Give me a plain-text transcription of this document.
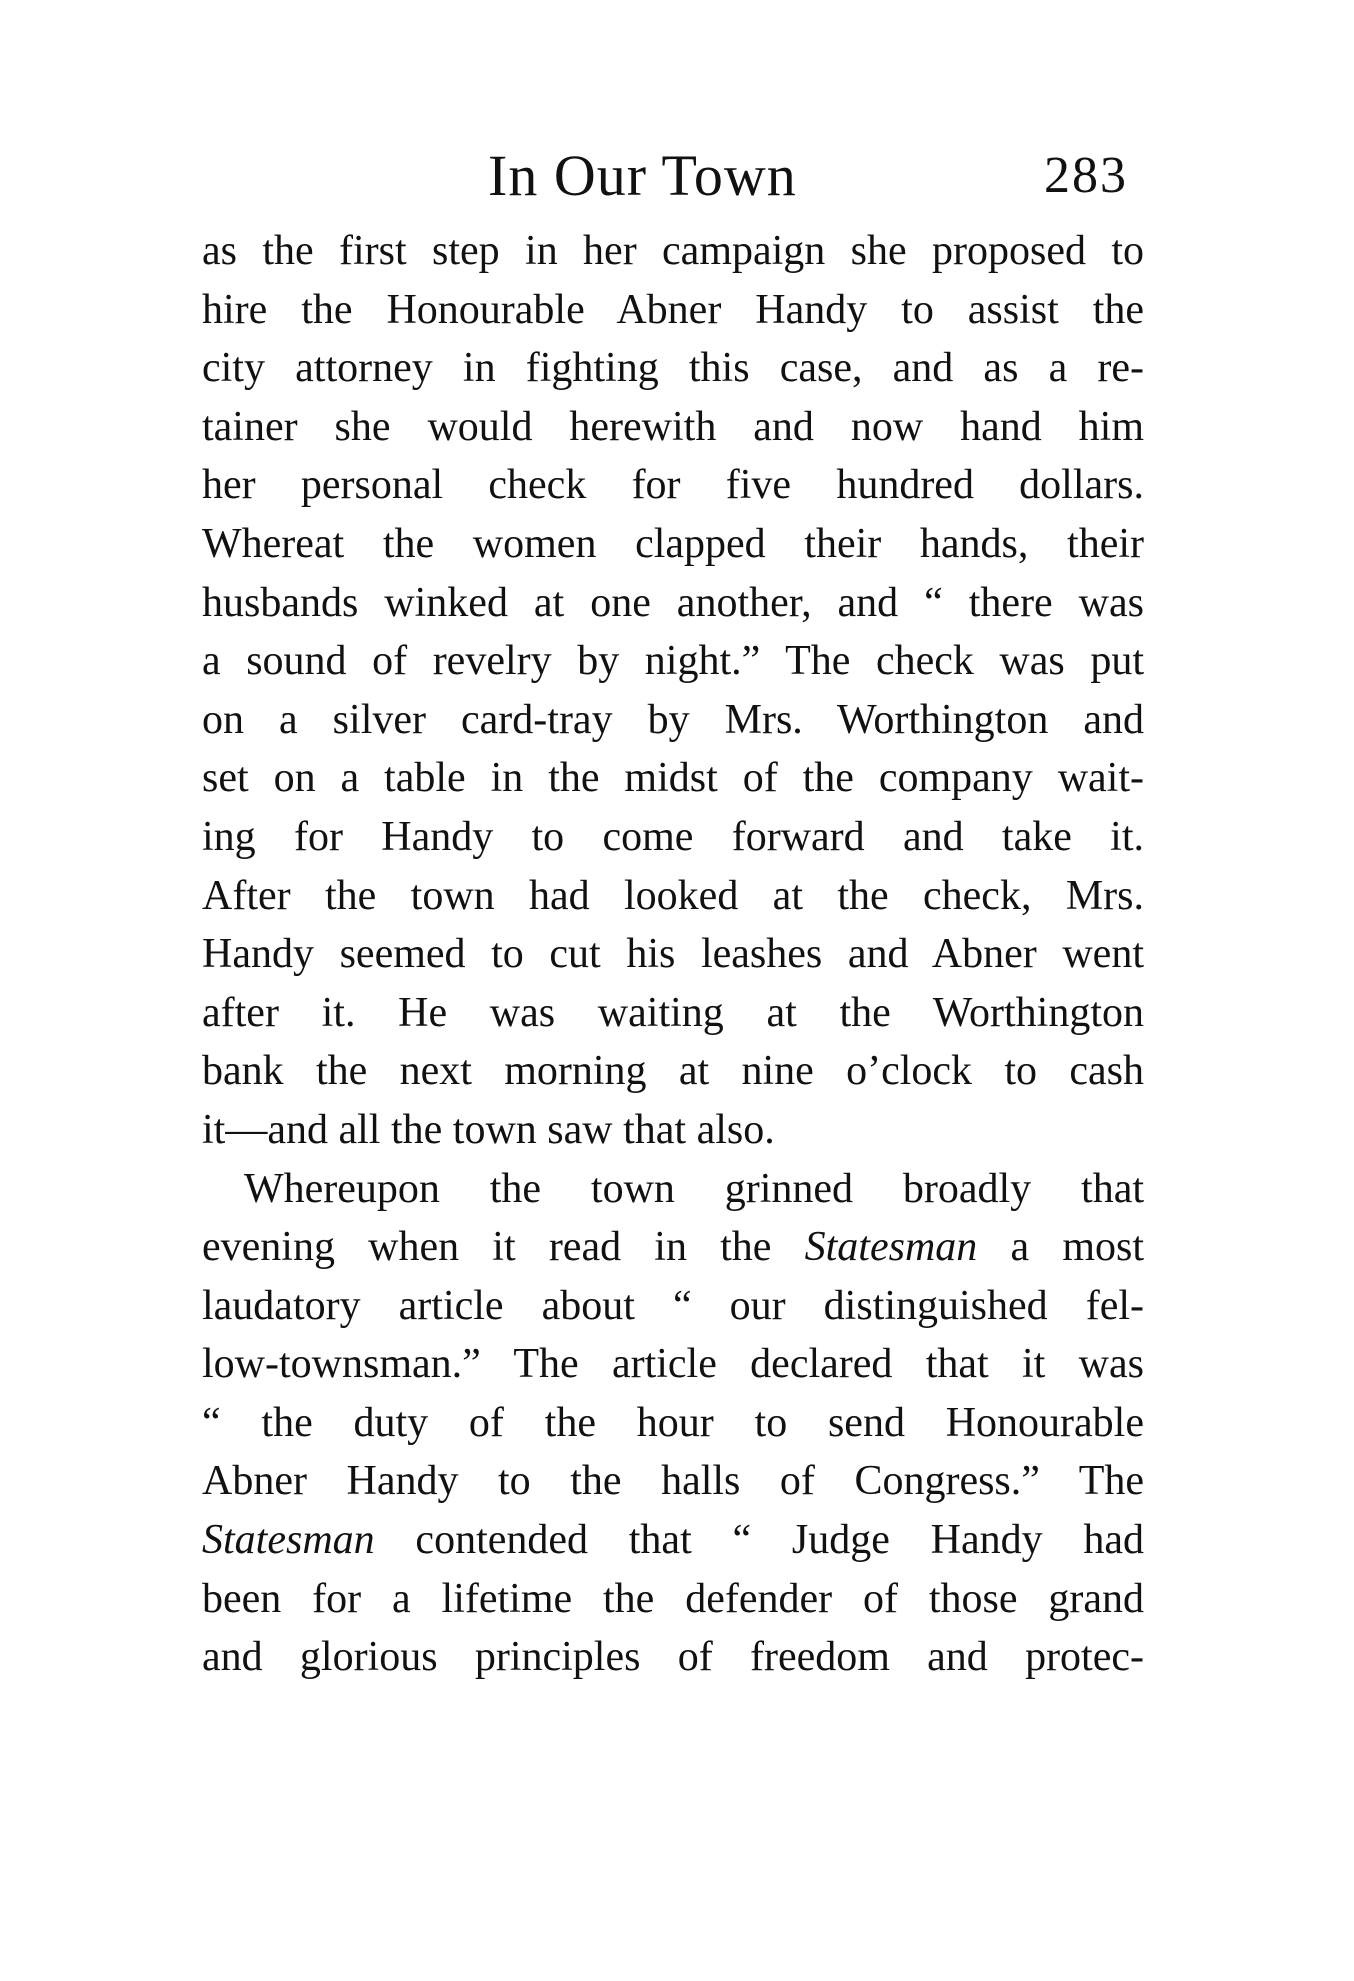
In Our Town	283
as the first step in her campaign she proposed to
hire the Honourable Abner Handy to assist the
city attorney in fighting this case, and as a re-
tainer she would herewith and now hand him
her personal check for five hundred dollars.
Whereat the women clapped their hands, their
husbands winked at one another, and “ there was
a sound of revelry by night.” The check was put
on a silver card-tray by Mrs. Worthington and
set on a table in the midst of the company wait-
ing for Handy to come forward and take it.
After the town had looked at the check, Mrs.
Handy seemed to cut his leashes and Abner went
after it. He was waiting at the Worthington
bank the next morning at nine o’clock to cash
it—and all the town saw that also.
Whereupon the town grinned broadly that
evening when it read in the Statesman a most
laudatory article about “ our distinguished fel-
low-townsman.” The article declared that it was
“ the duty of the hour to send Honourable
Abner Handy to the halls of Congress.” The
Statesman contended that “ Judge Handy had
been for a lifetime the defender of those grand
and glorious principles of freedom and protec-
